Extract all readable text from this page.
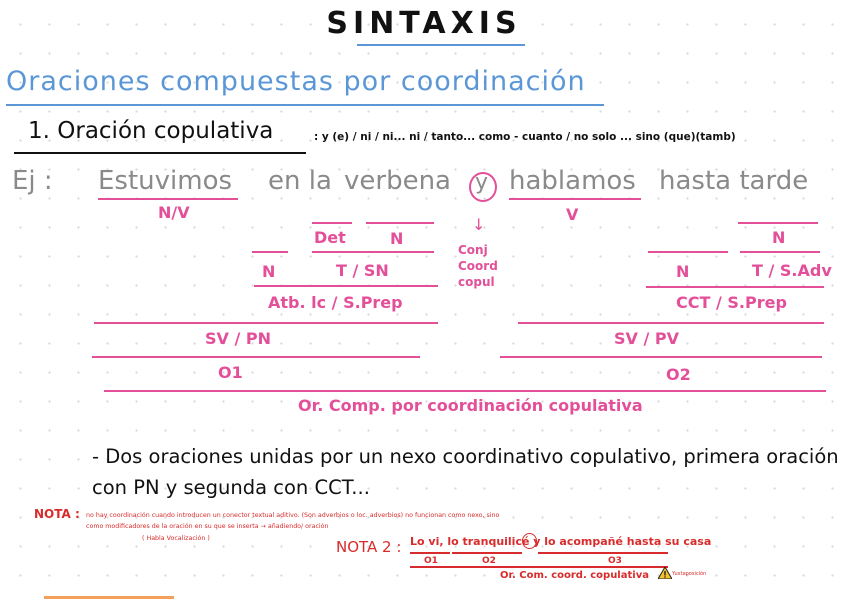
SINTAXIS
Oraciones compuestas por coordinación
1. Oración copulativa	: y (e) / ni / ni... ni / tanto... como - cuanto / no solo ... sino (que)(tamb)
Ej : Estuvimos en la verbena y hablamos hasta tarde
N/V
Det	N
N	T / SN
Atb. lc / S.Prep
SV / PN
O1
↓
Conj
Coord
copul
V
N
N	T / S.Adv
CCT / S.Prep
SV / PV
O2
Or. Comp. por coordinación copulativa
- Dos oraciones unidas por un nexo coordinativo copulativo, primera oración con PN y segunda con CCT...
NOTA : no hay coordinación cuando introducen un conector textual aditivo. (Son adverbios o loc. adverbios) no funcionan como nexo, sino como modificadores de la oración en su que se inserta → añadiendo/ oración
( Habla Vocalización )	NOTA 2 : Lo vi, lo tranquilicé y lo acompañé hasta su casa
O1	O2	O3
Or. Com. coord. copulativa	Yuxtaposición
